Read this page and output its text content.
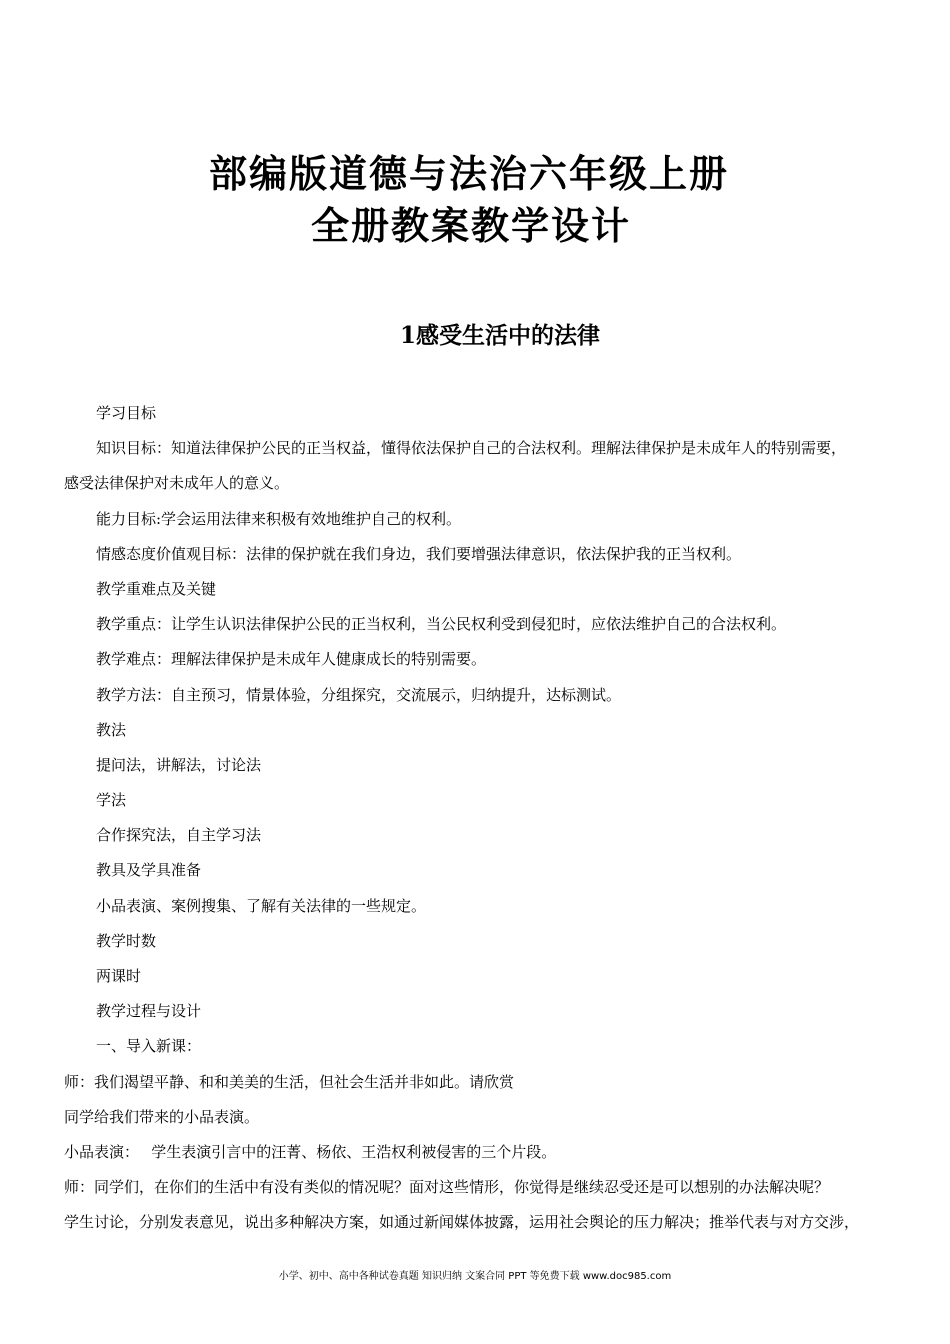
部编版道德与法治六年级上册
全册教案教学设计
1感受生活中的法律
学习目标
知识目标：知道法律保护公民的正当权益，懂得依法保护自己的合法权利。理解法律保护是未成年人的特别需要，
感受法律保护对未成年人的意义。
能力目标:学会运用法律来积极有效地维护自己的权利。
情感态度价值观目标：法律的保护就在我们身边，我们要增强法律意识，依法保护我的正当权利。
教学重难点及关键
教学重点：让学生认识法律保护公民的正当权利，当公民权利受到侵犯时，应依法维护自己的合法权利。
教学难点：理解法律保护是未成年人健康成长的特别需要。
教学方法：自主预习，情景体验，分组探究，交流展示，归纳提升，达标测试。
教法
提问法，讲解法，讨论法
学法
合作探究法，自主学习法
教具及学具准备
小品表演、案例搜集、了解有关法律的一些规定。
教学时数
两课时
教学过程与设计
一、导入新课：
师：我们渴望平静、和和美美的生活，但社会生活并非如此。请欣赏
同学给我们带来的小品表演。
小品表演：　 学生表演引言中的汪菁、杨依、王浩权利被侵害的三个片段。
师：同学们，在你们的生活中有没有类似的情况呢？面对这些情形，你觉得是继续忍受还是可以想别的办法解决呢？
学生讨论，分别发表意见，说出多种解决方案，如通过新闻媒体披露，运用社会舆论的压力解决；推举代表与对方交涉，
小学、初中、高中各种试卷真题 知识归纳 文案合同 PPT 等免费下载 www.doc985.com
